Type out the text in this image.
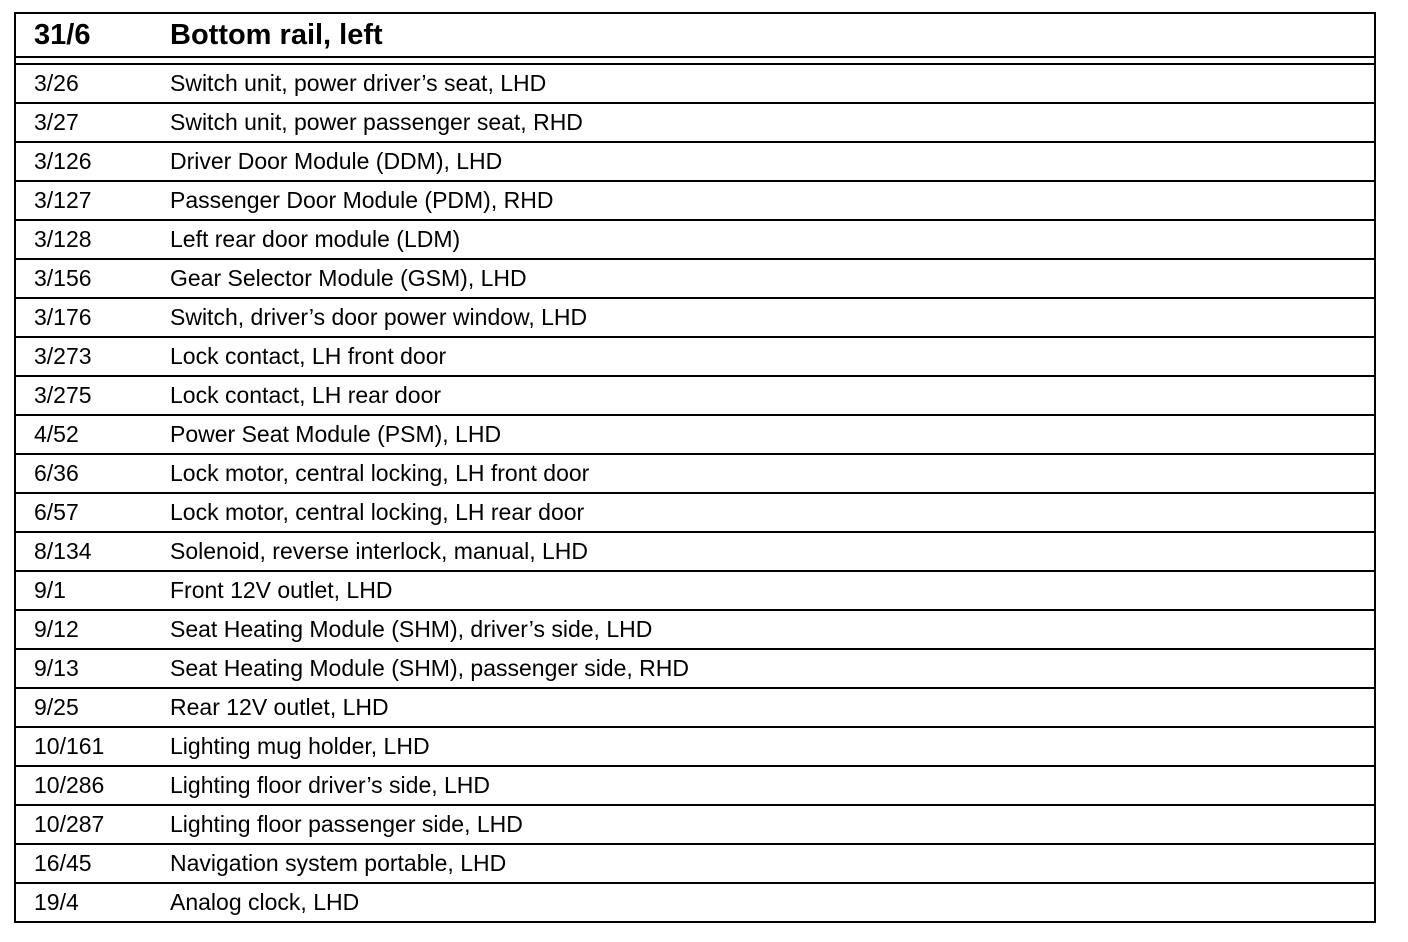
31/6	Bottom rail, left
3/26	Switch unit, power driver’s seat, LHD
3/27	Switch unit, power passenger seat, RHD
3/126	Driver Door Module (DDM), LHD
3/127	Passenger Door Module (PDM), RHD
3/128	Left rear door module (LDM)
3/156	Gear Selector Module (GSM), LHD
3/176	Switch, driver’s door power window, LHD
3/273	Lock contact, LH front door
3/275	Lock contact, LH rear door
4/52	Power Seat Module (PSM), LHD
6/36	Lock motor, central locking, LH front door
6/57	Lock motor, central locking, LH rear door
8/134	Solenoid, reverse interlock, manual, LHD
9/1	Front 12V outlet, LHD
9/12	Seat Heating Module (SHM), driver’s side, LHD
9/13	Seat Heating Module (SHM), passenger side, RHD
9/25	Rear 12V outlet, LHD
10/161	Lighting mug holder, LHD
10/286	Lighting floor driver’s side, LHD
10/287	Lighting floor passenger side, LHD
16/45	Navigation system portable, LHD
19/4	Analog clock, LHD
